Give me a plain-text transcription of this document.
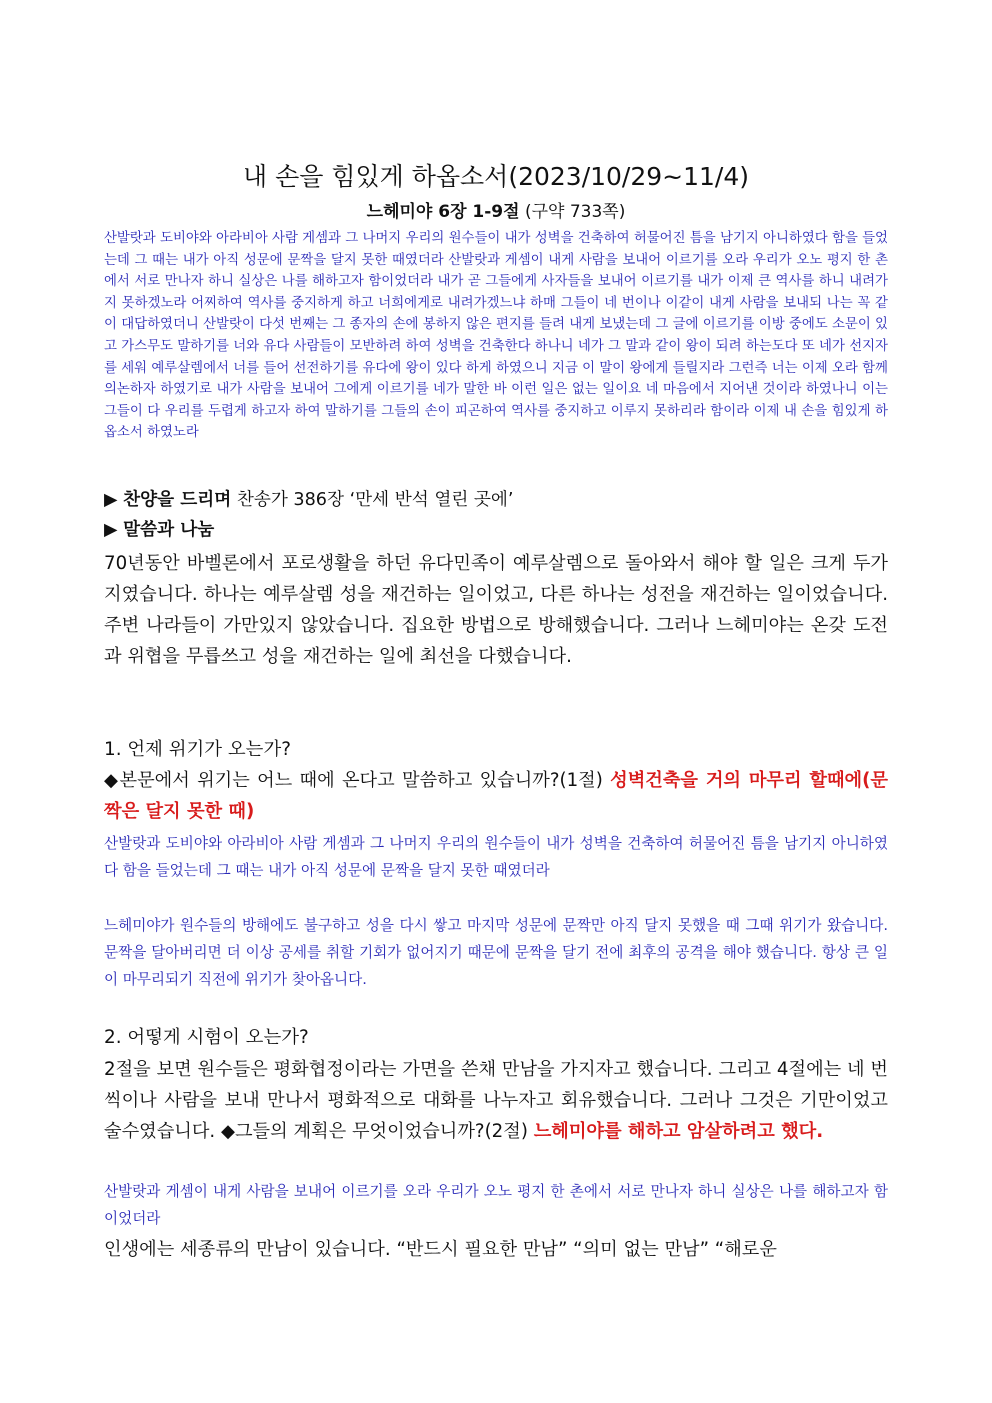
내 손을 힘있게 하옵소서(2023/10/29~11/4)
느헤미야 6장 1-9절 (구약 733쪽)
산발랏과 도비야와 아라비아 사람 게셈과 그 나머지 우리의 원수들이 내가 성벽을 건축하여 허물어진 틈을 남기지 아니하였다 함을 들었는데 그 때는 내가 아직 성문에 문짝을 달지 못한 때였더라 산발랏과 게셈이 내게 사람을 보내어 이르기를 오라 우리가 오노 평지 한 촌에서 서로 만나자 하니 실상은 나를 해하고자 함이었더라 내가 곧 그들에게 사자들을 보내어 이르기를 내가 이제 큰 역사를 하니 내려가지 못하겠노라 어찌하여 역사를 중지하게 하고 너희에게로 내려가겠느냐 하매 그들이 네 번이나 이같이 내게 사람을 보내되 나는 꼭 같이 대답하였더니 산발랏이 다섯 번째는 그 종자의 손에 봉하지 않은 편지를 들려 내게 보냈는데 그 글에 이르기를 이방 중에도 소문이 있고 가스무도 말하기를 너와 유다 사람들이 모반하려 하여 성벽을 건축한다 하나니 네가 그 말과 같이 왕이 되려 하는도다 또 네가 선지자를 세워 예루살렘에서 너를 들어 선전하기를 유다에 왕이 있다 하게 하였으니 지금 이 말이 왕에게 들릴지라 그런즉 너는 이제 오라 함께 의논하자 하였기로 내가 사람을 보내어 그에게 이르기를 네가 말한 바 이런 일은 없는 일이요 네 마음에서 지어낸 것이라 하였나니 이는 그들이 다 우리를 두렵게 하고자 하여 말하기를 그들의 손이 피곤하여 역사를 중지하고 이루지 못하리라 함이라 이제 내 손을 힘있게 하옵소서 하였노라
▶ 찬양을 드리며 찬송가 386장 ‘만세 반석 열린 곳에’
▶ 말씀과 나눔
70년동안 바벨론에서 포로생활을 하던 유다민족이 예루살렘으로 돌아와서 해야 할 일은 크게 두가지였습니다. 하나는 예루살렘 성을 재건하는 일이었고, 다른 하나는 성전을 재건하는 일이었습니다. 주변 나라들이 가만있지 않았습니다. 집요한 방법으로 방해했습니다. 그러나 느헤미야는 온갖 도전과 위협을 무릅쓰고 성을 재건하는 일에 최선을 다했습니다.
1. 언제 위기가 오는가?
◆본문에서 위기는 어느 때에 온다고 말씀하고 있습니까?(1절) 성벽건축을 거의 마무리 할때에(문짝은 달지 못한 때)
산발랏과 도비야와 아라비아 사람 게셈과 그 나머지 우리의 원수들이 내가 성벽을 건축하여 허물어진 틈을 남기지 아니하였다 함을 들었는데 그 때는 내가 아직 성문에 문짝을 달지 못한 때였더라
느헤미야가 원수들의 방해에도 불구하고 성을 다시 쌓고 마지막 성문에 문짝만 아직 달지 못했을 때 그때 위기가 왔습니다. 문짝을 달아버리면 더 이상 공세를 취할 기회가 없어지기 때문에 문짝을 달기 전에 최후의 공격을 해야 했습니다. 항상 큰 일이 마무리되기 직전에 위기가 찾아옵니다.
2. 어떻게 시험이 오는가?
2절을 보면 원수들은 평화협정이라는 가면을 쓴채 만남을 가지자고 했습니다. 그리고 4절에는 네 번씩이나 사람을 보내 만나서 평화적으로 대화를 나누자고 회유했습니다. 그러나 그것은 기만이었고 술수였습니다. ◆그들의 계획은 무엇이었습니까?(2절) 느헤미야를 해하고 암살하려고 했다.
산발랏과 게셈이 내게 사람을 보내어 이르기를 오라 우리가 오노 평지 한 촌에서 서로 만나자 하니 실상은 나를 해하고자 함이었더라
인생에는 세종류의 만남이 있습니다. “반드시 필요한 만남” “의미 없는 만남” “해로운
